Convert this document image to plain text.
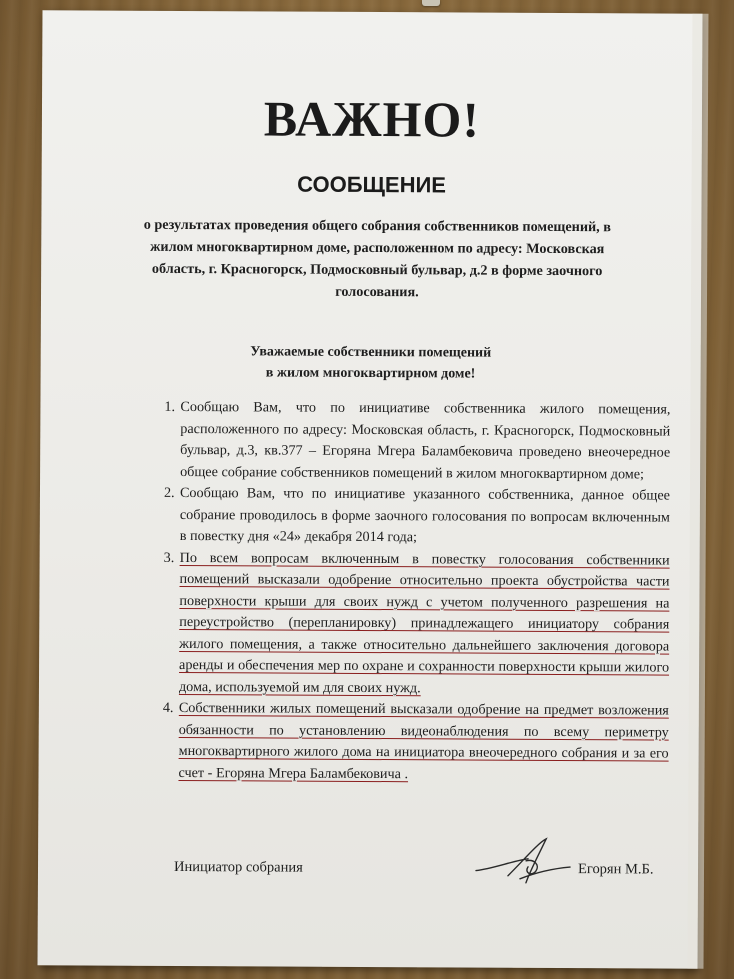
ВАЖНО!
СООБЩЕНИЕ
о результатах проведения общего собрания собственников помещений, в жилом многоквартирном доме, расположенном по адресу: Московская область, г. Красногорск, Подмосковный бульвар, д.2 в форме заочного голосования.
Уважаемые собственники помещений
в жилом многоквартирном доме!
1. Сообщаю Вам, что по инициативе собственника жилого помещения, расположенного по адресу: Московская область, г. Красногорск, Подмосковный бульвар, д.3, кв.377 – Егоряна Мгера Баламбековича проведено внеочередное общее собрание собственников помещений в жилом многоквартирном доме;
2. Сообщаю Вам, что по инициативе указанного собственника, данное общее собрание проводилось в форме заочного голосования по вопросам включенным в повестку дня «24» декабря 2014 года;
3. По всем вопросам включенным в повестку голосования собственники помещений высказали одобрение относительно проекта обустройства части поверхности крыши для своих нужд с учетом полученного разрешения на переустройство (перепланировку) принадлежащего инициатору собрания жилого помещения, а также относительно дальнейшего заключения договора аренды и обеспечения мер по охране и сохранности поверхности крыши жилого дома, используемой им для своих нужд.
4. Собственники жилых помещений высказали одобрение на предмет возложения обязанности по установлению видеонаблюдения по всему периметру многоквартирного жилого дома на инициатора внеочередного собрания и за его счет - Егоряна Мгера Баламбековича .
Инициатор собрания	Егорян М.Б.
